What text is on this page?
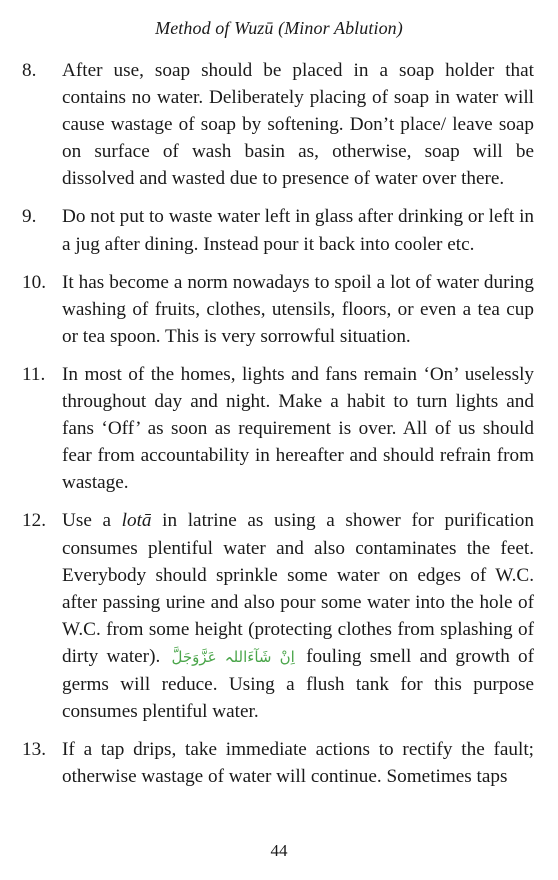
Method of Wuzū (Minor Ablution)
8.	After use, soap should be placed in a soap holder that contains no water. Deliberately placing of soap in water will cause wastage of soap by softening. Don’t place/ leave soap on surface of wash basin as, otherwise, soap will be dissolved and wasted due to presence of water over there.
9.	Do not put to waste water left in glass after drinking or left in a jug after dining. Instead pour it back into cooler etc.
10. It has become a norm nowadays to spoil a lot of water during washing of fruits, clothes, utensils, floors, or even a tea cup or tea spoon. This is very sorrowful situation.
11. In most of the homes, lights and fans remain ‘On’ uselessly throughout day and night. Make a habit to turn lights and fans ‘Off’ as soon as requirement is over. All of us should fear from accountability in hereafter and should refrain from wastage.
12. Use a lotā in latrine as using a shower for purification consumes plentiful water and also contaminates the feet. Everybody should sprinkle some water on edges of W.C. after passing urine and also pour some water into the hole of W.C. from some height (protecting clothes from splashing of dirty water). اِنْ شَآءَاللہ عَزَّوَجَلَّ fouling smell and growth of germs will reduce. Using a flush tank for this purpose consumes plentiful water.
13. If a tap drips, take immediate actions to rectify the fault; otherwise wastage of water will continue. Sometimes taps
44
